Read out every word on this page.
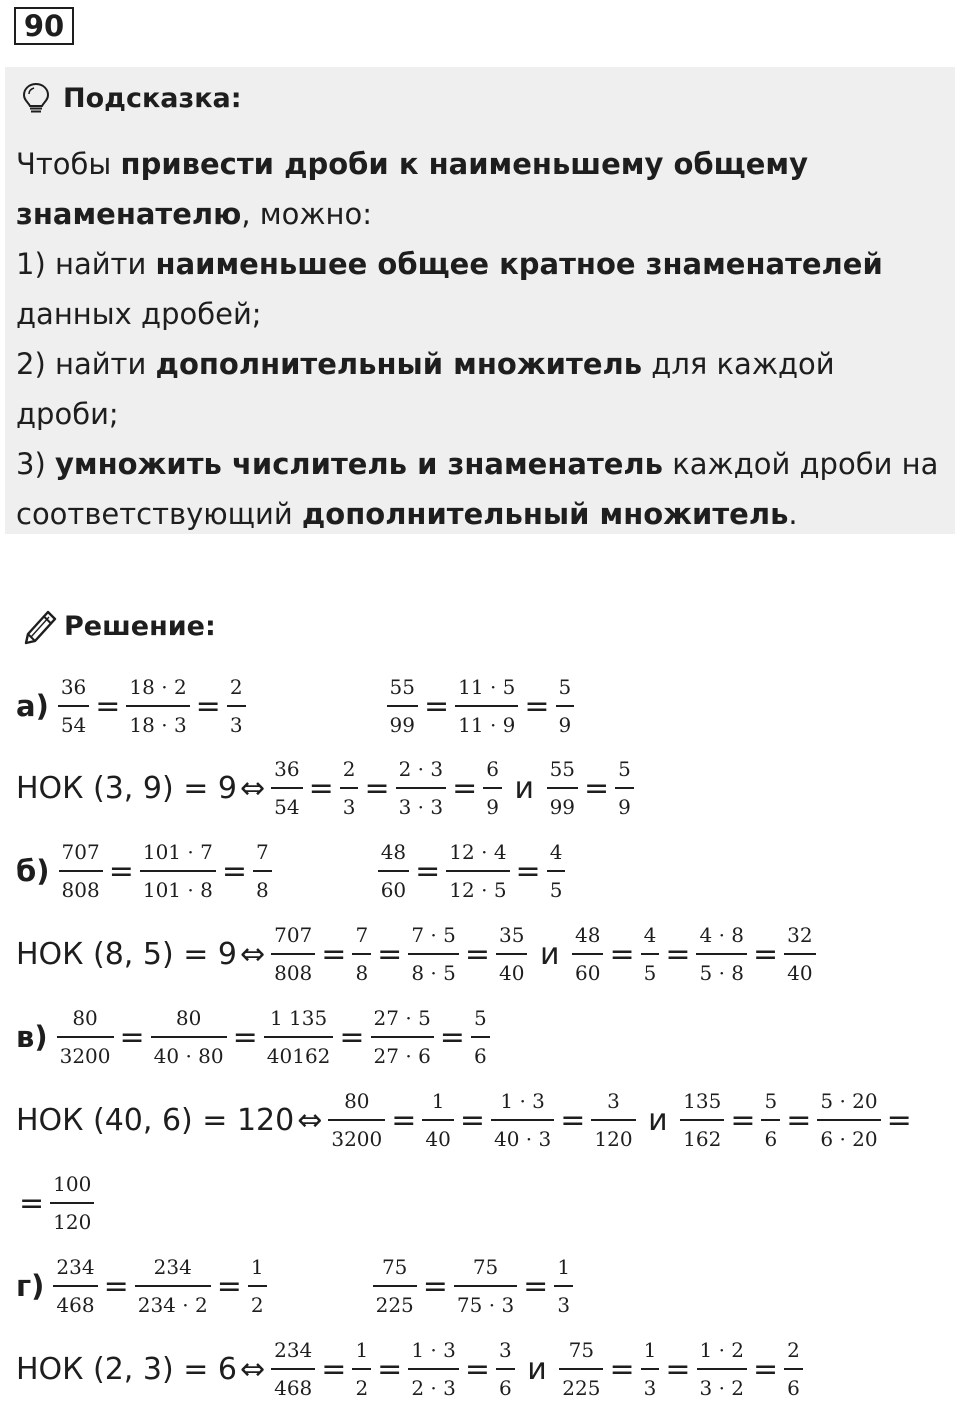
90
Подсказка:

Чтобы привести дроби к наименьшему общему знаменателю, можно:

1) найти наименьшее общее кратное знаменателей данных дробей;

2) найти дополнительный множитель для каждой дроби;

3) умножить числитель и знаменатель каждой дроби на соответствующий дополнительный множитель.

Решение:
$а) \frac{36}{54} = \frac{18 \cdot 2}{18 \cdot 3} = \frac{2}{3}$	$\frac{55}{99} = \frac{11 \cdot 5}{11 \cdot 9} = \frac{5}{9}$
НОК (3, 9) = 9 ⇔ $\frac{36}{54} = \frac{2}{3} = \frac{2 \cdot 3}{3 \cdot 3} = \frac{6}{9}$ и $\frac{55}{99} = \frac{5}{9}$
$б) \frac{707}{808} = \frac{101 \cdot 7}{101 \cdot 8} = \frac{7}{8}$	$\frac{48}{60} = \frac{12 \cdot 4}{12 \cdot 5} = \frac{4}{5}$
НОК (8, 5) = 9 ⇔ $\frac{707}{808} = \frac{7}{8} = \frac{7 \cdot 5}{8 \cdot 5} = \frac{35}{40}$ и $\frac{48}{60} = \frac{4}{5} = \frac{4 \cdot 8}{5 \cdot 8} = \frac{32}{40}$
$в) \frac{80}{3200} = \frac{80}{40 \cdot 80} = \frac{1 135}{40162} = \frac{27 \cdot 5}{27 \cdot 6} = \frac{5}{6}$
НОК (40, 6) = 120 ⇔ $\frac{80}{3200} = \frac{1}{40} = \frac{1 \cdot 3}{40 \cdot 3} = \frac{3}{120}$ и $\frac{135}{162} = \frac{5}{6} = \frac{5 \cdot 20}{6 \cdot 20}$ =
= $\frac{100}{120}$
$г) \frac{234}{468} = \frac{234}{234 \cdot 2} = \frac{1}{2}$	$\frac{75}{225} = \frac{75}{75 \cdot 3} = \frac{1}{3}$
НОК (2, 3) = 6 ⇔ $\frac{234}{468} = \frac{1}{2} = \frac{1 \cdot 3}{2 \cdot 3} = \frac{3}{6}$ и $\frac{75}{225} = \frac{1}{3} = \frac{1 \cdot 2}{3 \cdot 2} = \frac{2}{6}$
